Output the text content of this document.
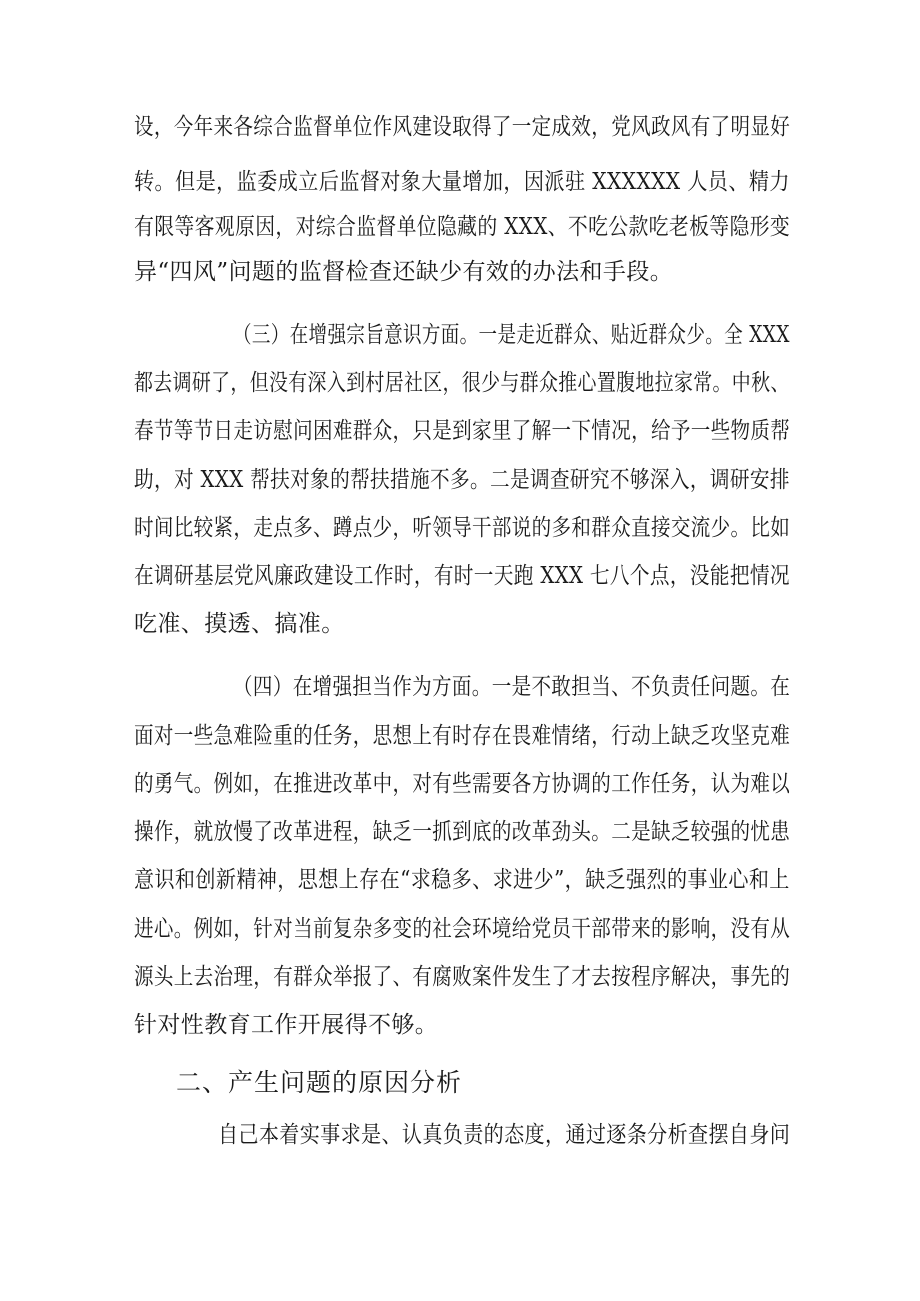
设，今年来各综合监督单位作风建设取得了一定成效，党风政风有了明显好
转。但是，监委成立后监督对象大量增加，因派驻 XXXXXX 人员、精力
有限等客观原因，对综合监督单位隐藏的 XXX、不吃公款吃老板等隐形变
异“四风”问题的监督检查还缺少有效的办法和手段。
（三）在增强宗旨意识方面。一是走近群众、贴近群众少。全 XXX
都去调研了，但没有深入到村居社区，很少与群众推心置腹地拉家常。中秋、
春节等节日走访慰问困难群众，只是到家里了解一下情况，给予一些物质帮
助，对 XXX 帮扶对象的帮扶措施不多。二是调查研究不够深入，调研安排
时间比较紧，走点多、蹲点少，听领导干部说的多和群众直接交流少。比如
在调研基层党风廉政建设工作时，有时一天跑 XXX 七八个点，没能把情况
吃准、摸透、搞准。
（四）在增强担当作为方面。一是不敢担当、不负责任问题。在
面对一些急难险重的任务，思想上有时存在畏难情绪，行动上缺乏攻坚克难
的勇气。例如，在推进改革中，对有些需要各方协调的工作任务，认为难以
操作，就放慢了改革进程，缺乏一抓到底的改革劲头。二是缺乏较强的忧患
意识和创新精神，思想上存在“求稳多、求进少”，缺乏强烈的事业心和上
进心。例如，针对当前复杂多变的社会环境给党员干部带来的影响，没有从
源头上去治理，有群众举报了、有腐败案件发生了才去按程序解决，事先的
针对性教育工作开展得不够。
二、产生问题的原因分析
自己本着实事求是、认真负责的态度，通过逐条分析查摆自身问
